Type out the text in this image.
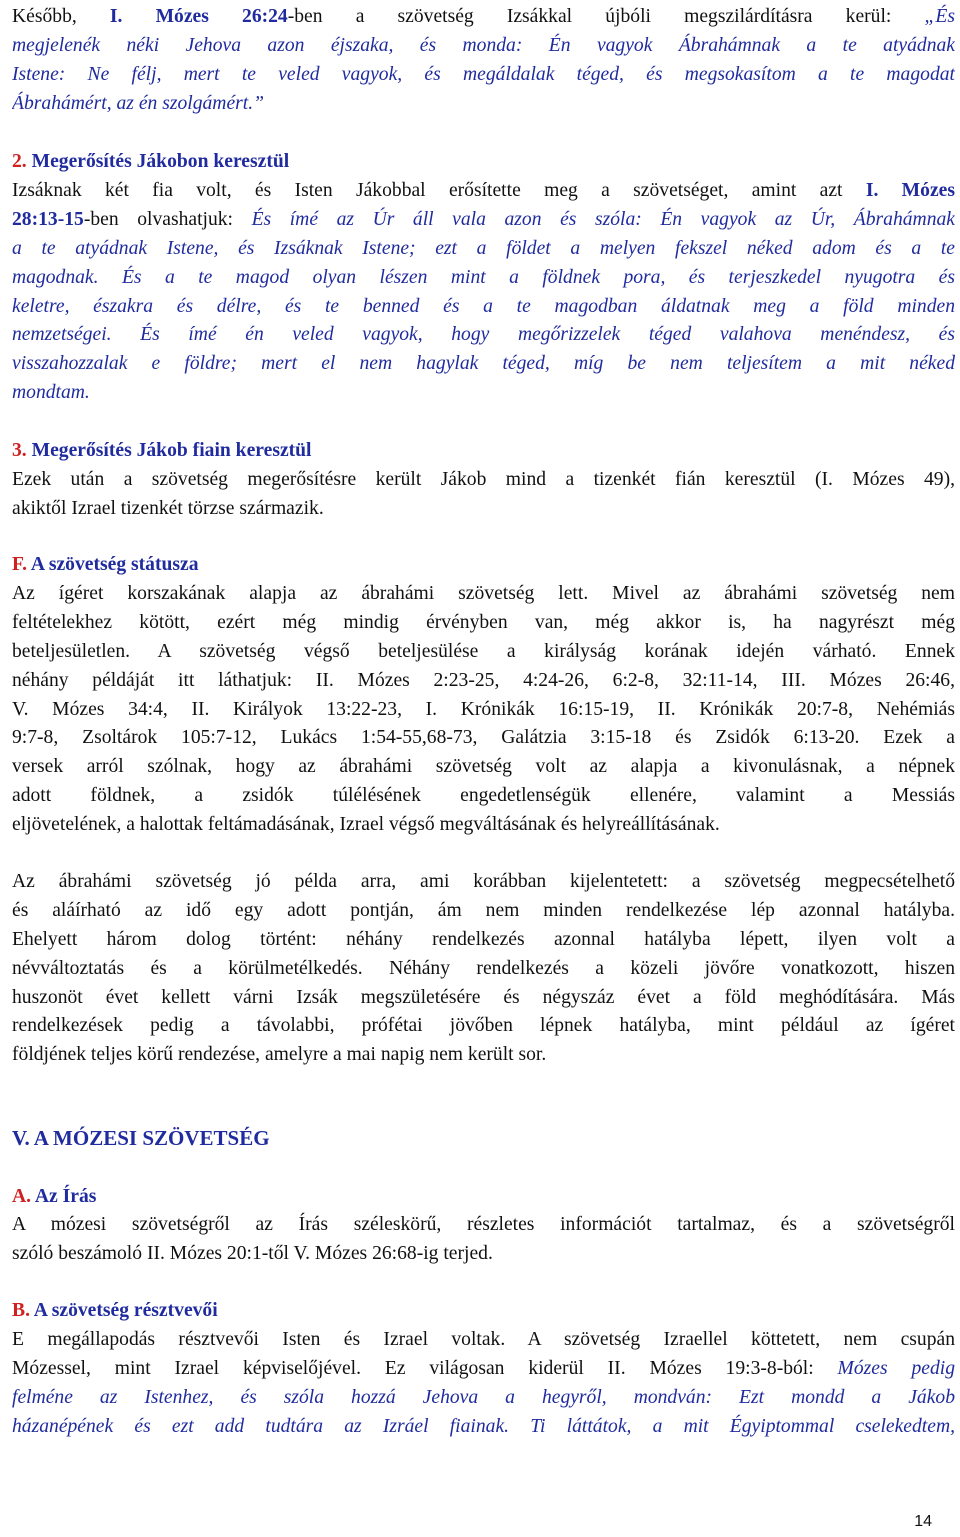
Később, I. Mózes 26:24-ben a szövetség Izsákkal újbóli megszilárdításra kerül: „És
megjelenék néki Jehova azon éjszaka, és monda: Én vagyok Ábrahámnak a te atyádnak
Istene: Ne félj, mert te veled vagyok, és megáldalak téged, és megsokasítom a te magodat
Ábrahámért, az én szolgámért.”

2. Megerősítés Jákobon keresztül

Izsáknak két fia volt, és Isten Jákobbal erősítette meg a szövetséget, amint azt I. Mózes
28:13-15-ben olvashatjuk: És ímé az Úr áll vala azon és szóla: Én vagyok az Úr, Ábrahámnak
a te atyádnak Istene, és Izsáknak Istene; ezt a földet a melyen fekszel néked adom és a te
magodnak. És a te magod olyan lészen mint a földnek pora, és terjeszkedel nyugotra és
keletre, északra és délre, és te benned és a te magodban áldatnak meg a föld minden
nemzetségei. És ímé én veled vagyok, hogy megőrizzelek téged valahova menéndesz, és
visszahozzalak e földre; mert el nem hagylak téged, míg be nem teljesítem a mit néked
mondtam.

3. Megerősítés Jákob fiain keresztül

Ezek után a szövetség megerősítésre került Jákob mind a tizenkét fián keresztül (I. Mózes 49),
akiktől Izrael tizenkét törzse származik.

F. A szövetség státusza

Az ígéret korszakának alapja az ábrahámi szövetség lett. Mivel az ábrahámi szövetség nem
feltételekhez kötött, ezért még mindig érvényben van, még akkor is, ha nagyrészt még
beteljesületlen. A szövetség végső beteljesülése a királyság korának idején várható. Ennek
néhány példáját itt láthatjuk: II. Mózes 2:23-25, 4:24-26, 6:2-8, 32:11-14, III. Mózes 26:46,
V. Mózes 34:4, II. Királyok 13:22-23, I. Krónikák 16:15-19, II. Krónikák 20:7-8, Nehémiás
9:7-8, Zsoltárok 105:7-12, Lukács 1:54-55,68-73, Galátzia 3:15-18 és Zsidók 6:13-20. Ezek a
versek arról szólnak, hogy az ábrahámi szövetség volt az alapja a kivonulásnak, a népnek
adott földnek, a zsidók túlélésének engedetlenségük ellenére, valamint a Messiás
eljövetelének, a halottak feltámadásának, Izrael végső megváltásának és helyreállításának.

Az ábrahámi szövetség jó példa arra, ami korábban kijelentetett: a szövetség megpecsételhető
és aláírható az idő egy adott pontján, ám nem minden rendelkezése lép azonnal hatályba.
Ehelyett három dolog történt: néhány rendelkezés azonnal hatályba lépett, ilyen volt a
névváltoztatás és a körülmetélkedés. Néhány rendelkezés a közeli jövőre vonatkozott, hiszen
huszonöt évet kellett várni Izsák megszületésére és négyszáz évet a föld meghódítására. Más
rendelkezések pedig a távolabbi, prófétai jövőben lépnek hatályba, mint például az ígéret
földjének teljes körű rendezése, amelyre a mai napig nem került sor.

V. A MÓZESI SZÖVETSÉG
A. Az Írás

A mózesi szövetségről az Írás széleskörű, részletes információt tartalmaz, és a szövetségről
szóló beszámoló II. Mózes 20:1-től V. Mózes 26:68-ig terjed.

B. A szövetség résztvevői

E megállapodás résztvevői Isten és Izrael voltak. A szövetség Izraellel köttetett, nem csupán
Mózessel, mint Izrael képviselőjével. Ez világosan kiderül II. Mózes 19:3-8-ból: Mózes pedig
felméne az Istenhez, és szóla hozzá Jehova a hegyről, mondván: Ezt mondd a Jákob
házanépének és ezt add tudtára az Izráel fiainak. Ti láttátok, a mit Égyiptommal cselekedtem,

14
